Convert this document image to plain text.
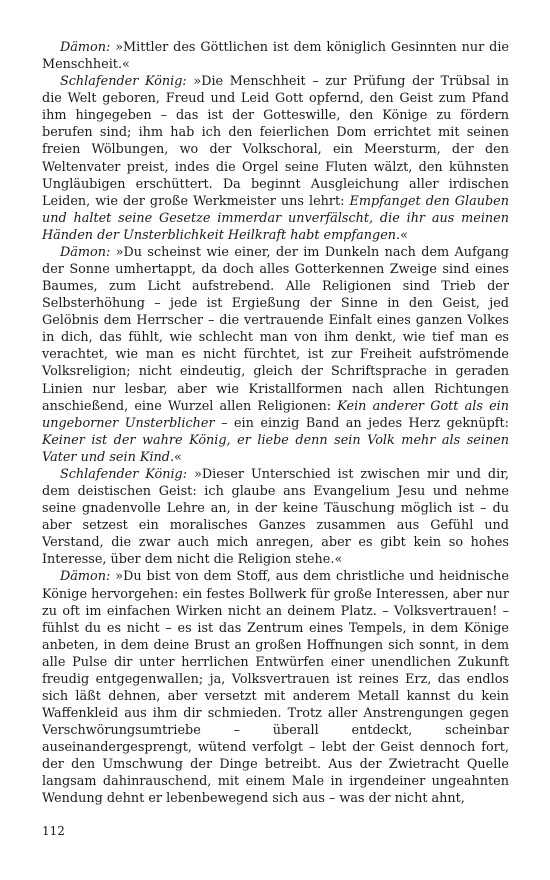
Dämon: »Mittler des Göttlichen ist dem königlich Gesinnten nur die Menschheit.«

Schlafender König: »Die Menschheit – zur Prüfung der Trübsal in die Welt geboren, Freud und Leid Gott opfernd, den Geist zum Pfand ihm hingegeben – das ist der Gotteswille, den Könige zu fördern berufen sind; ihm hab ich den feierlichen Dom errichtet mit seinen freien Wölbungen, wo der Volkschoral, ein Meersturm, der den Weltenvater preist, indes die Orgel seine Fluten wälzt, den kühnsten Ungläubigen erschüttert. Da beginnt Ausgleichung aller irdischen Leiden, wie der große Werkmeister uns lehrt: Empfanget den Glauben und haltet seine Gesetze immerdar unverfälscht, die ihr aus meinen Händen der Unsterblichkeit Heilkraft habt empfangen.«

Dämon: »Du scheinst wie einer, der im Dunkeln nach dem Aufgang der Sonne umhertappt, da doch alles Gotterkennen Zweige sind eines Baumes, zum Licht aufstrebend. Alle Religionen sind Trieb der Selbsterhöhung – jede ist Ergießung der Sinne in den Geist, jed Gelöbnis dem Herrscher – die vertrauende Einfalt eines ganzen Volkes in dich, das fühlt, wie schlecht man von ihm denkt, wie tief man es verachtet, wie man es nicht fürchtet, ist zur Freiheit aufströmende Volksreligion; nicht eindeutig, gleich der Schriftsprache in geraden Linien nur lesbar, aber wie Kristallformen nach allen Richtungen anschießend, eine Wurzel allen Religionen: Kein anderer Gott als ein ungeborner Unsterblicher – ein einzig Band an jedes Herz geknüpft: Keiner ist der wahre König, er liebe denn sein Volk mehr als seinen Vater und sein Kind.«

Schlafender König: »Dieser Unterschied ist zwischen mir und dir, dem deistischen Geist: ich glaube ans Evangelium Jesu und nehme seine gnadenvolle Lehre an, in der keine Täuschung möglich ist – du aber setzest ein moralisches Ganzes zusammen aus Gefühl und Verstand, die zwar auch mich anregen, aber es gibt kein so hohes Interesse, über dem nicht die Religion stehe.«

Dämon: »Du bist von dem Stoff, aus dem christliche und heidnische Könige hervorgehen: ein festes Bollwerk für große Interessen, aber nur zu oft im einfachen Wirken nicht an deinem Platz. – Volksvertrauen! – fühlst du es nicht – es ist das Zentrum eines Tempels, in dem Könige anbeten, in dem deine Brust an großen Hoffnungen sich sonnt, in dem alle Pulse dir unter herrlichen Entwürfen einer unendlichen Zukunft freudig entgegenwallen; ja, Volksvertrauen ist reines Erz, das endlos sich läßt dehnen, aber versetzt mit anderem Metall kannst du kein Waffenkleid aus ihm dir schmieden. Trotz aller Anstrengungen gegen Verschwörungsumtriebe – überall entdeckt, scheinbar auseinandergesprengt, wütend verfolgt – lebt der Geist dennoch fort, der den Umschwung der Dinge betreibt. Aus der Zwietracht Quelle langsam dahinrauschend, mit einem Male in irgendeiner ungeahnten Wendung dehnt er lebenbewegend sich aus – was der nicht ahnt,

112
